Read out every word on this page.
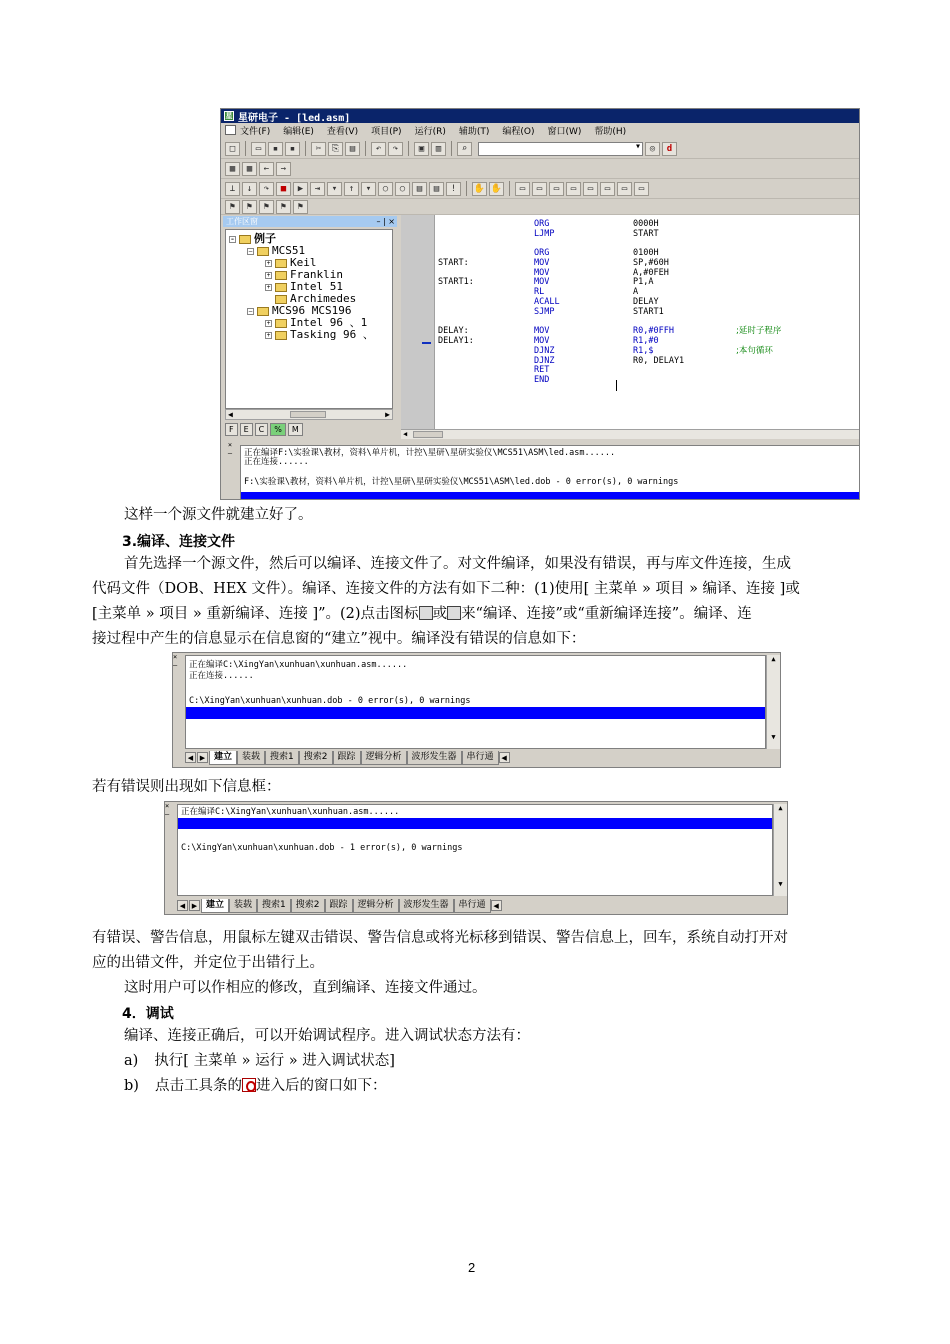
星 星研电子 - [led.asm]
文件(F) 编辑(E) 查看(V) 项目(P) 运行(R) 辅助(T) 编程(O) 窗口(W) 帮助(H)
□	▭	▪	▪	✂	⎘	▤	↶	↷	▣	▥	⌕
▾	◎	d
▦	▦	←	→
⊥	↓	↷	■	▶	⇥	▾	↑	▾	○	○	▤	▤	!	✋ ✋	▭	▭	▭	▭	▭	▭	▭	▭
⚑	⚑	⚑	⚑	⚑
工作区窗	– | ×
– 例子
– MCS51
+ Keil
+ Franklin
+ Intel 51
Archimedes
– MCS96 MCS196
+ Intel 96 、1
+ Tasking 96 、
◀	▶
F	E	C	%	M
ORG	0000H
LJMP	START
ORG	0100H
START:	MOV	SP,#60H
MOV	A,#0FEH
START1:	MOV	P1,A
RL	A
ACALL	DELAY
SJMP	START1
DELAY:	MOV	R0,#0FFH	;延时子程序
DELAY1:	MOV	R1,#0
DJNZ	R1,$	;本句循环
DJNZ	R0, DELAY1
RET
END
◀
×
–	正在编译F:\实验课\教材，资料\单片机，计控\星研\星研实验仪\MCS51\ASM\led.asm......
正在连接......
F:\实验课\教材，资料\单片机，计控\星研\星研实验仪\MCS51\ASM\led.dob - 0 error(s), 0 warnings
这样一个源文件就建立好了。
3.编译、连接文件
首先选择一个源文件，然后可以编译、连接文件了。对文件编译，如果没有错误，再与库文件连接，生成
代码文件（DOB、HEX 文件）。编译、连接文件的方法有如下二种：(1)使用[ 主菜单 » 项目 » 编译、连接 ]或
[主菜单 » 项目 » 重新编译、连接 ]”。(2)点击图标 或 来“编译、连接”或“重新编译连接”。编译、连
接过程中产生的信息显示在信息窗的“建立”视中。编译没有错误的信息如下：
×
–	正在编译C:\XingYan\xunhuan\xunhuan.asm......
正在连接......
C:\XingYan\xunhuan\xunhuan.dob - 0 error(s), 0 warnings
▲
▼
◀ ▶ 建立	装载	搜索1	搜索2	跟踪	逻辑分析	波形发生器	串行通	◀
若有错误则出现如下信息框：
×
–	正在编译C:\XingYan\xunhuan\xunhuan.asm......
C:\XingYan\xunhuan\xunhuan.dob - 1 error(s), 0 warnings
▲
▼
◀ ▶ 建立	装载	搜索1	搜索2	跟踪	逻辑分析	波形发生器	串行通	◀
有错误、警告信息，用鼠标左键双击错误、警告信息或将光标移到错误、警告信息上，回车，系统自动打开对
应的出错文件，并定位于出错行上。
这时用户可以作相应的修改，直到编译、连接文件通过。
4．调试
编译、连接正确后，可以开始调试程序。进入调试状态方法有：
a) 执行[ 主菜单 » 运行 » 进入调试状态]
b) 点击工具条的 进入后的窗口如下：
2
